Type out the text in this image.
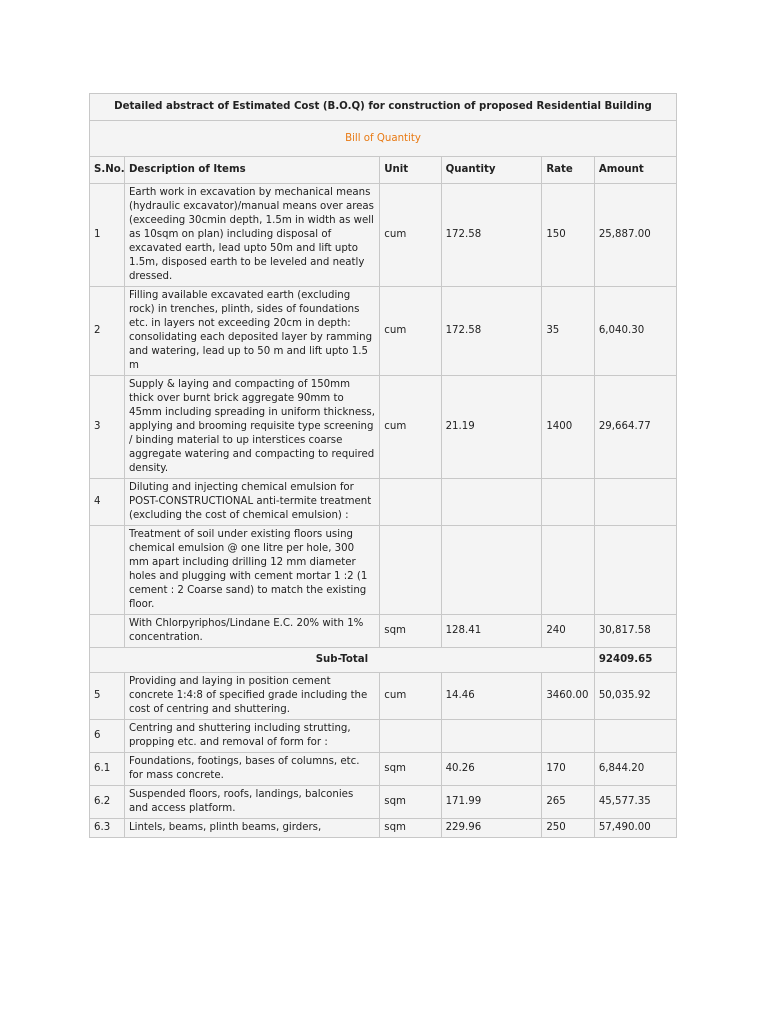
Detailed abstract of Estimated Cost (B.O.Q) for construction of proposed Residential Building					
Bill of Quantity					
S.No.	Description of Items	Unit	Quantity	Rate	Amount
1	Earth work in excavation by mechanical means (hydraulic excavator)/manual means over areas (exceeding 30cmin depth, 1.5m in width as well as 10sqm on plan) including disposal of excavated earth, lead upto 50m and lift upto 1.5m, disposed earth to be leveled and neatly dressed.	cum	172.58	150	25,887.00
2	Filling available excavated earth (excluding rock) in trenches, plinth, sides of foundations etc. in layers not exceeding 20cm in depth: consolidating each deposited layer by ramming and watering, lead up to 50 m and lift upto 1.5 m	cum	172.58	35	6,040.30
3	Supply & laying and compacting of 150mm thick over burnt brick aggregate 90mm to 45mm including spreading in uniform thickness, applying and brooming requisite type screening / binding material to up interstices coarse aggregate watering and compacting to required density.	cum	21.19	1400	29,664.77
4	Diluting and injecting chemical emulsion for POST-CONSTRUCTIONAL anti-termite treatment (excluding the cost of chemical emulsion) :				
	Treatment of soil under existing floors using chemical emulsion @ one litre per hole, 300 mm apart including drilling 12 mm diameter holes and plugging with cement mortar 1 :2 (1 cement : 2 Coarse sand) to match the existing floor.				
	With Chlorpyriphos/Lindane E.C. 20% with 1% concentration.	sqm	128.41	240	30,817.58
Sub-Total					92409.65
5	Providing and laying in position cement concrete 1:4:8 of specified grade including the cost of centring and shuttering.	cum	14.46	3460.00	50,035.92
6	Centring and shuttering including strutting, propping etc. and removal of form for :				
6.1	Foundations, footings, bases of columns, etc. for mass concrete.	sqm	40.26	170	6,844.20
6.2	Suspended floors, roofs, landings, balconies and access platform.	sqm	171.99	265	45,577.35
6.3	Lintels, beams, plinth beams, girders,	sqm	229.96	250	57,490.00
